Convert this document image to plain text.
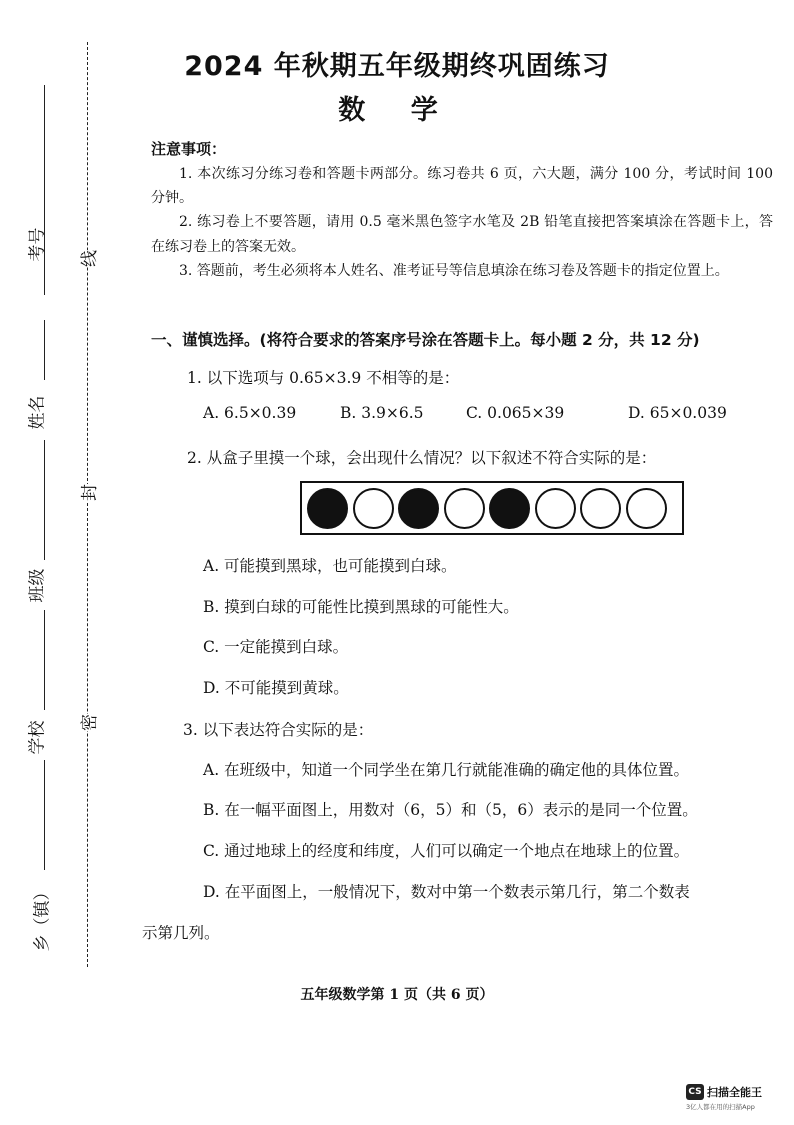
考号
姓名
班级
学校
乡（镇）
线
封
密
2024 年秋期五年级期终巩固练习
数 学
注意事项：

1. 本次练习分练习卷和答题卡两部分。练习卷共 6 页，六大题，满分 100 分，考试时间 100 分钟。

2. 练习卷上不要答题，请用 0.5 毫米黑色签字水笔及 2B 铅笔直接把答案填涂在答题卡上，答在练习卷上的答案无效。

3. 答题前，考生必须将本人姓名、准考证号等信息填涂在练习卷及答题卡的指定位置上。

一、谨慎选择。(将符合要求的答案序号涂在答题卡上。每小题 2 分，共 12 分)
1. 以下选项与 0.65×3.9 不相等的是：
A. 6.5×0.39	B. 3.9×6.5	C. 0.065×39	D. 65×0.039
2. 从盒子里摸一个球，会出现什么情况？以下叙述不符合实际的是：
A. 可能摸到黑球，也可能摸到白球。
B. 摸到白球的可能性比摸到黑球的可能性大。
C. 一定能摸到白球。
D. 不可能摸到黄球。
3. 以下表达符合实际的是：
A. 在班级中，知道一个同学坐在第几行就能准确的确定他的具体位置。
B. 在一幅平面图上，用数对（6，5）和（5，6）表示的是同一个位置。
C. 通过地球上的经度和纬度，人们可以确定一个地点在地球上的位置。
D. 在平面图上，一般情况下，数对中第一个数表示第几行，第二个数表
示第几列。
五年级数学第 1 页（共 6 页）
CS 扫描全能王
3亿人都在用的扫描App
